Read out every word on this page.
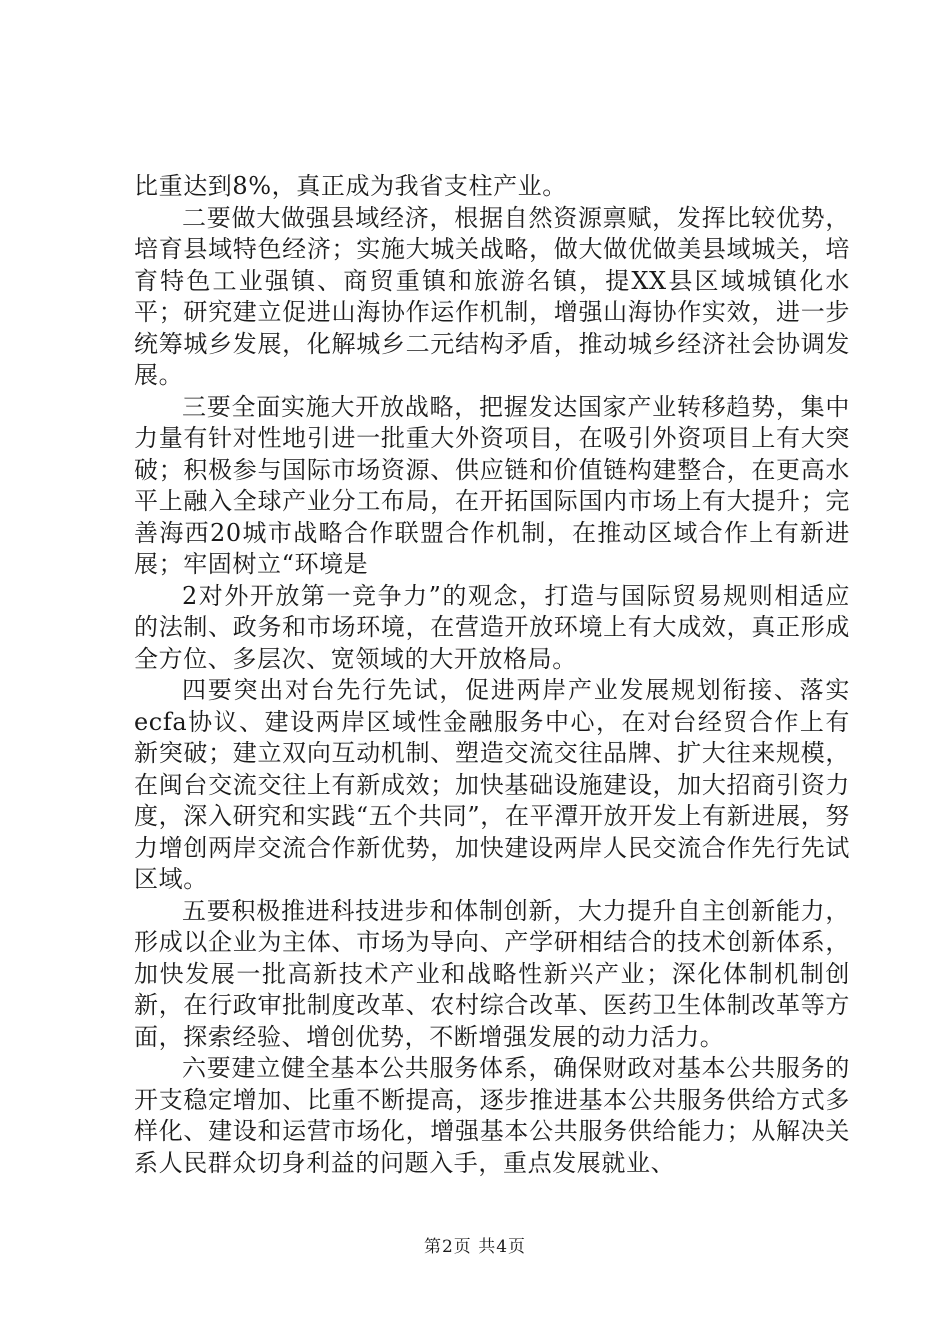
比重达到8%，真正成为我省支柱产业。

二要做大做强县域经济，根据自然资源禀赋，发挥比较优势，培育县域特色经济；实施大城关战略，做大做优做美县域城关，培育特色工业强镇、商贸重镇和旅游名镇，提XX县区域城镇化水平；研究建立促进山海协作运作机制，增强山海协作实效，进一步统筹城乡发展，化解城乡二元结构矛盾，推动城乡经济社会协调发展。

三要全面实施大开放战略，把握发达国家产业转移趋势，集中力量有针对性地引进一批重大外资项目，在吸引外资项目上有大突破；积极参与国际市场资源、供应链和价值链构建整合，在更高水平上融入全球产业分工布局，在开拓国际国内市场上有大提升；完善海西20城市战略合作联盟合作机制，在推动区域合作上有新进展；牢固树立“环境是

2对外开放第一竞争力”的观念，打造与国际贸易规则相适应的法制、政务和市场环境，在营造开放环境上有大成效，真正形成全方位、多层次、宽领域的大开放格局。

四要突出对台先行先试，促进两岸产业发展规划衔接、落实ecfa协议、建设两岸区域性金融服务中心，在对台经贸合作上有新突破；建立双向互动机制、塑造交流交往品牌、扩大往来规模，在闽台交流交往上有新成效；加快基础设施建设，加大招商引资力度，深入研究和实践“五个共同”，在平潭开放开发上有新进展，努力增创两岸交流合作新优势，加快建设两岸人民交流合作先行先试区域。

五要积极推进科技进步和体制创新，大力提升自主创新能力，形成以企业为主体、市场为导向、产学研相结合的技术创新体系，加快发展一批高新技术产业和战略性新兴产业；深化体制机制创新，在行政审批制度改革、农村综合改革、医药卫生体制改革等方面，探索经验、增创优势，不断增强发展的动力活力。

六要建立健全基本公共服务体系，确保财政对基本公共服务的开支稳定增加、比重不断提高，逐步推进基本公共服务供给方式多样化、建设和运营市场化，增强基本公共服务供给能力；从解决关系人民群众切身利益的问题入手，重点发展就业、

第2页 共4页
